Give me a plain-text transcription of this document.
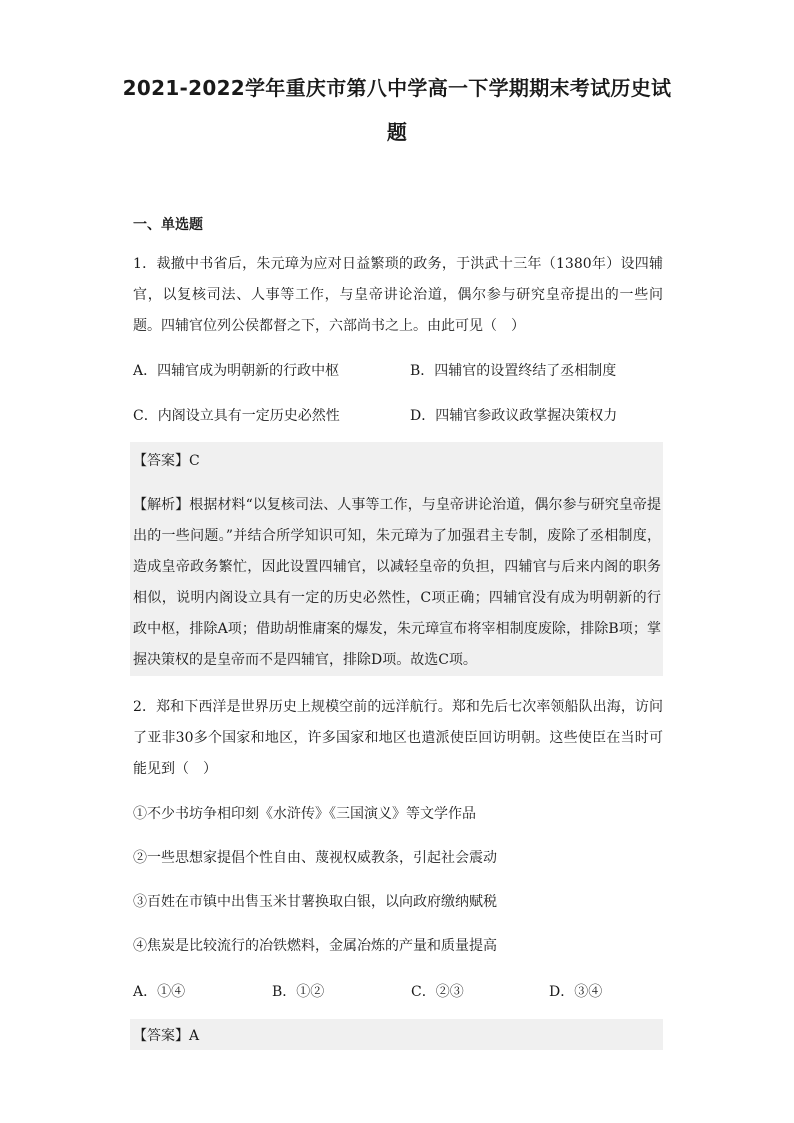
2021-2022学年重庆市第八中学高一下学期期末考试历史试
题
一、单选题
1．裁撤中书省后，朱元璋为应对日益繁琐的政务，于洪武十三年（1380年）设四辅官，以复核司法、人事等工作，与皇帝讲论治道，偶尔参与研究皇帝提出的一些问题。四辅官位列公侯都督之下，六部尚书之上。由此可见（　）
A．四辅官成为明朝新的行政中枢	B．四辅官的设置终结了丞相制度
C．内阁设立具有一定历史必然性	D．四辅官参政议政掌握决策权力
【答案】C
【解析】根据材料“以复核司法、人事等工作，与皇帝讲论治道，偶尔参与研究皇帝提出的一些问题。”并结合所学知识可知，朱元璋为了加强君主专制，废除了丞相制度，造成皇帝政务繁忙，因此设置四辅官，以减轻皇帝的负担，四辅官与后来内阁的职务相似，说明内阁设立具有一定的历史必然性，C项正确；四辅官没有成为明朝新的行政中枢，排除A项；借助胡惟庸案的爆发，朱元璋宣布将宰相制度废除，排除B项；掌握决策权的是皇帝而不是四辅官，排除D项。故选C项。
2．郑和下西洋是世界历史上规模空前的远洋航行。郑和先后七次率领船队出海，访问了亚非30多个国家和地区，许多国家和地区也遣派使臣回访明朝。这些使臣在当时可能见到（　）
①不少书坊争相印刻《水浒传》《三国演义》等文学作品
②一些思想家提倡个性自由、蔑视权威教条，引起社会震动
③百姓在市镇中出售玉米甘薯换取白银，以向政府缴纳赋税
④焦炭是比较流行的冶铁燃料，金属冶炼的产量和质量提高
A．①④	B．①②	C．②③	D．③④
【答案】A
